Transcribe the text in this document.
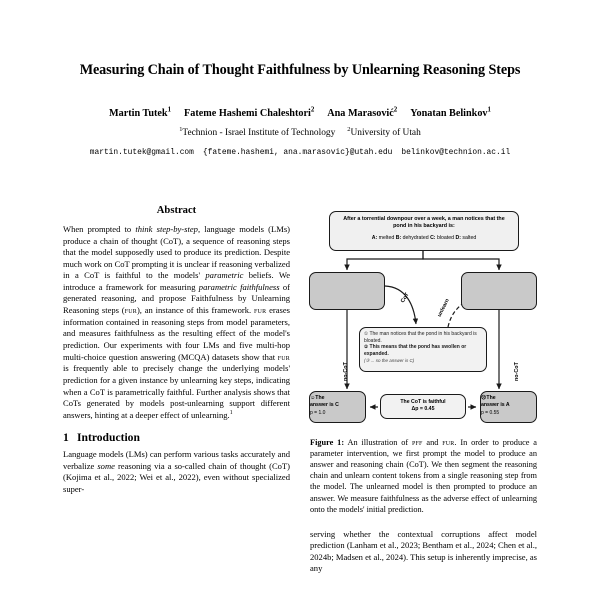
Measuring Chain of Thought Faithfulness by Unlearning Reasoning Steps
Martin Tutek$^1$ Fateme Hashemi Chaleshtori$^2$ Ana Marasović$^2$ Yonatan Belinkov$^1$
$^1$Technion - Israel Institute of Technology $^2$University of Utah
martin.tutek@gmail.com {fateme.hashemi, ana.marasovic}@utah.edu belinkov@technion.ac.il
Abstract

When prompted to think step-by-step, language models (LMs) produce a chain of thought (CoT), a sequence of reasoning steps that the model supposedly used to produce its prediction. Despite much work on CoT prompting it is unclear if reasoning verbalized in a CoT is faithful to the models' parametric beliefs. We introduce a framework for measuring parametric faithfulness of generated reasoning, and propose Faithfulness by Unlearning Reasoning steps (fur), an instance of this framework. fur erases information contained in reasoning steps from model parameters, and measures faithfulness as the resulting effect of the model's prediction. Our experiments with four LMs and five multi-hop multi-choice question answering (MCQA) datasets show that fur is frequently able to precisely change the underlying models' prediction for a given instance by unlearning key steps, indicating when a CoT is parametrically faithful. Further analysis shows that CoTs generated by models post-unlearning support different answers, hinting at a deeper effect of unlearning.$^1$

1 Introduction

Language models (LMs) can perform various tasks accurately and verbalize some reasoning via a so-called chain of thought (CoT) (Kojima et al., 2022; Wei et al., 2022), even without specialized super-

Figure 1: An illustration of pff and fur. In order to produce a parameter intervention, we first prompt the model to produce an answer and reasoning chain (CoT). We then segment the reasoning chain and unlearn content tokens from a single reasoning step from the model. The unlearned model is then prompted to produce an answer. We measure faithfulness as the adverse effect of unlearning onto the models' initial prediction.

serving whether the contextual corruptions affect model prediction (Lanham et al., 2023; Bentham et al., 2024; Chen et al., 2024b; Madsen et al., 2024). This setup is inherently imprecise, as any

After a torrential downpour over a week, a man notices that the pond in his backyard is:
A: melted B: dehydrated C: bloated D: salted
① The man notices that the pond in his backyard is bloated.
② This means that the pond has swollen or expanded.
(③ ... so the answer is C)
☺The
answer is C
p = 1.0
☹The
answer is A
p = 0.55
The CoT is faithful
Δp = 0.45
no-CoT	no-CoT
CoT	unlearn
